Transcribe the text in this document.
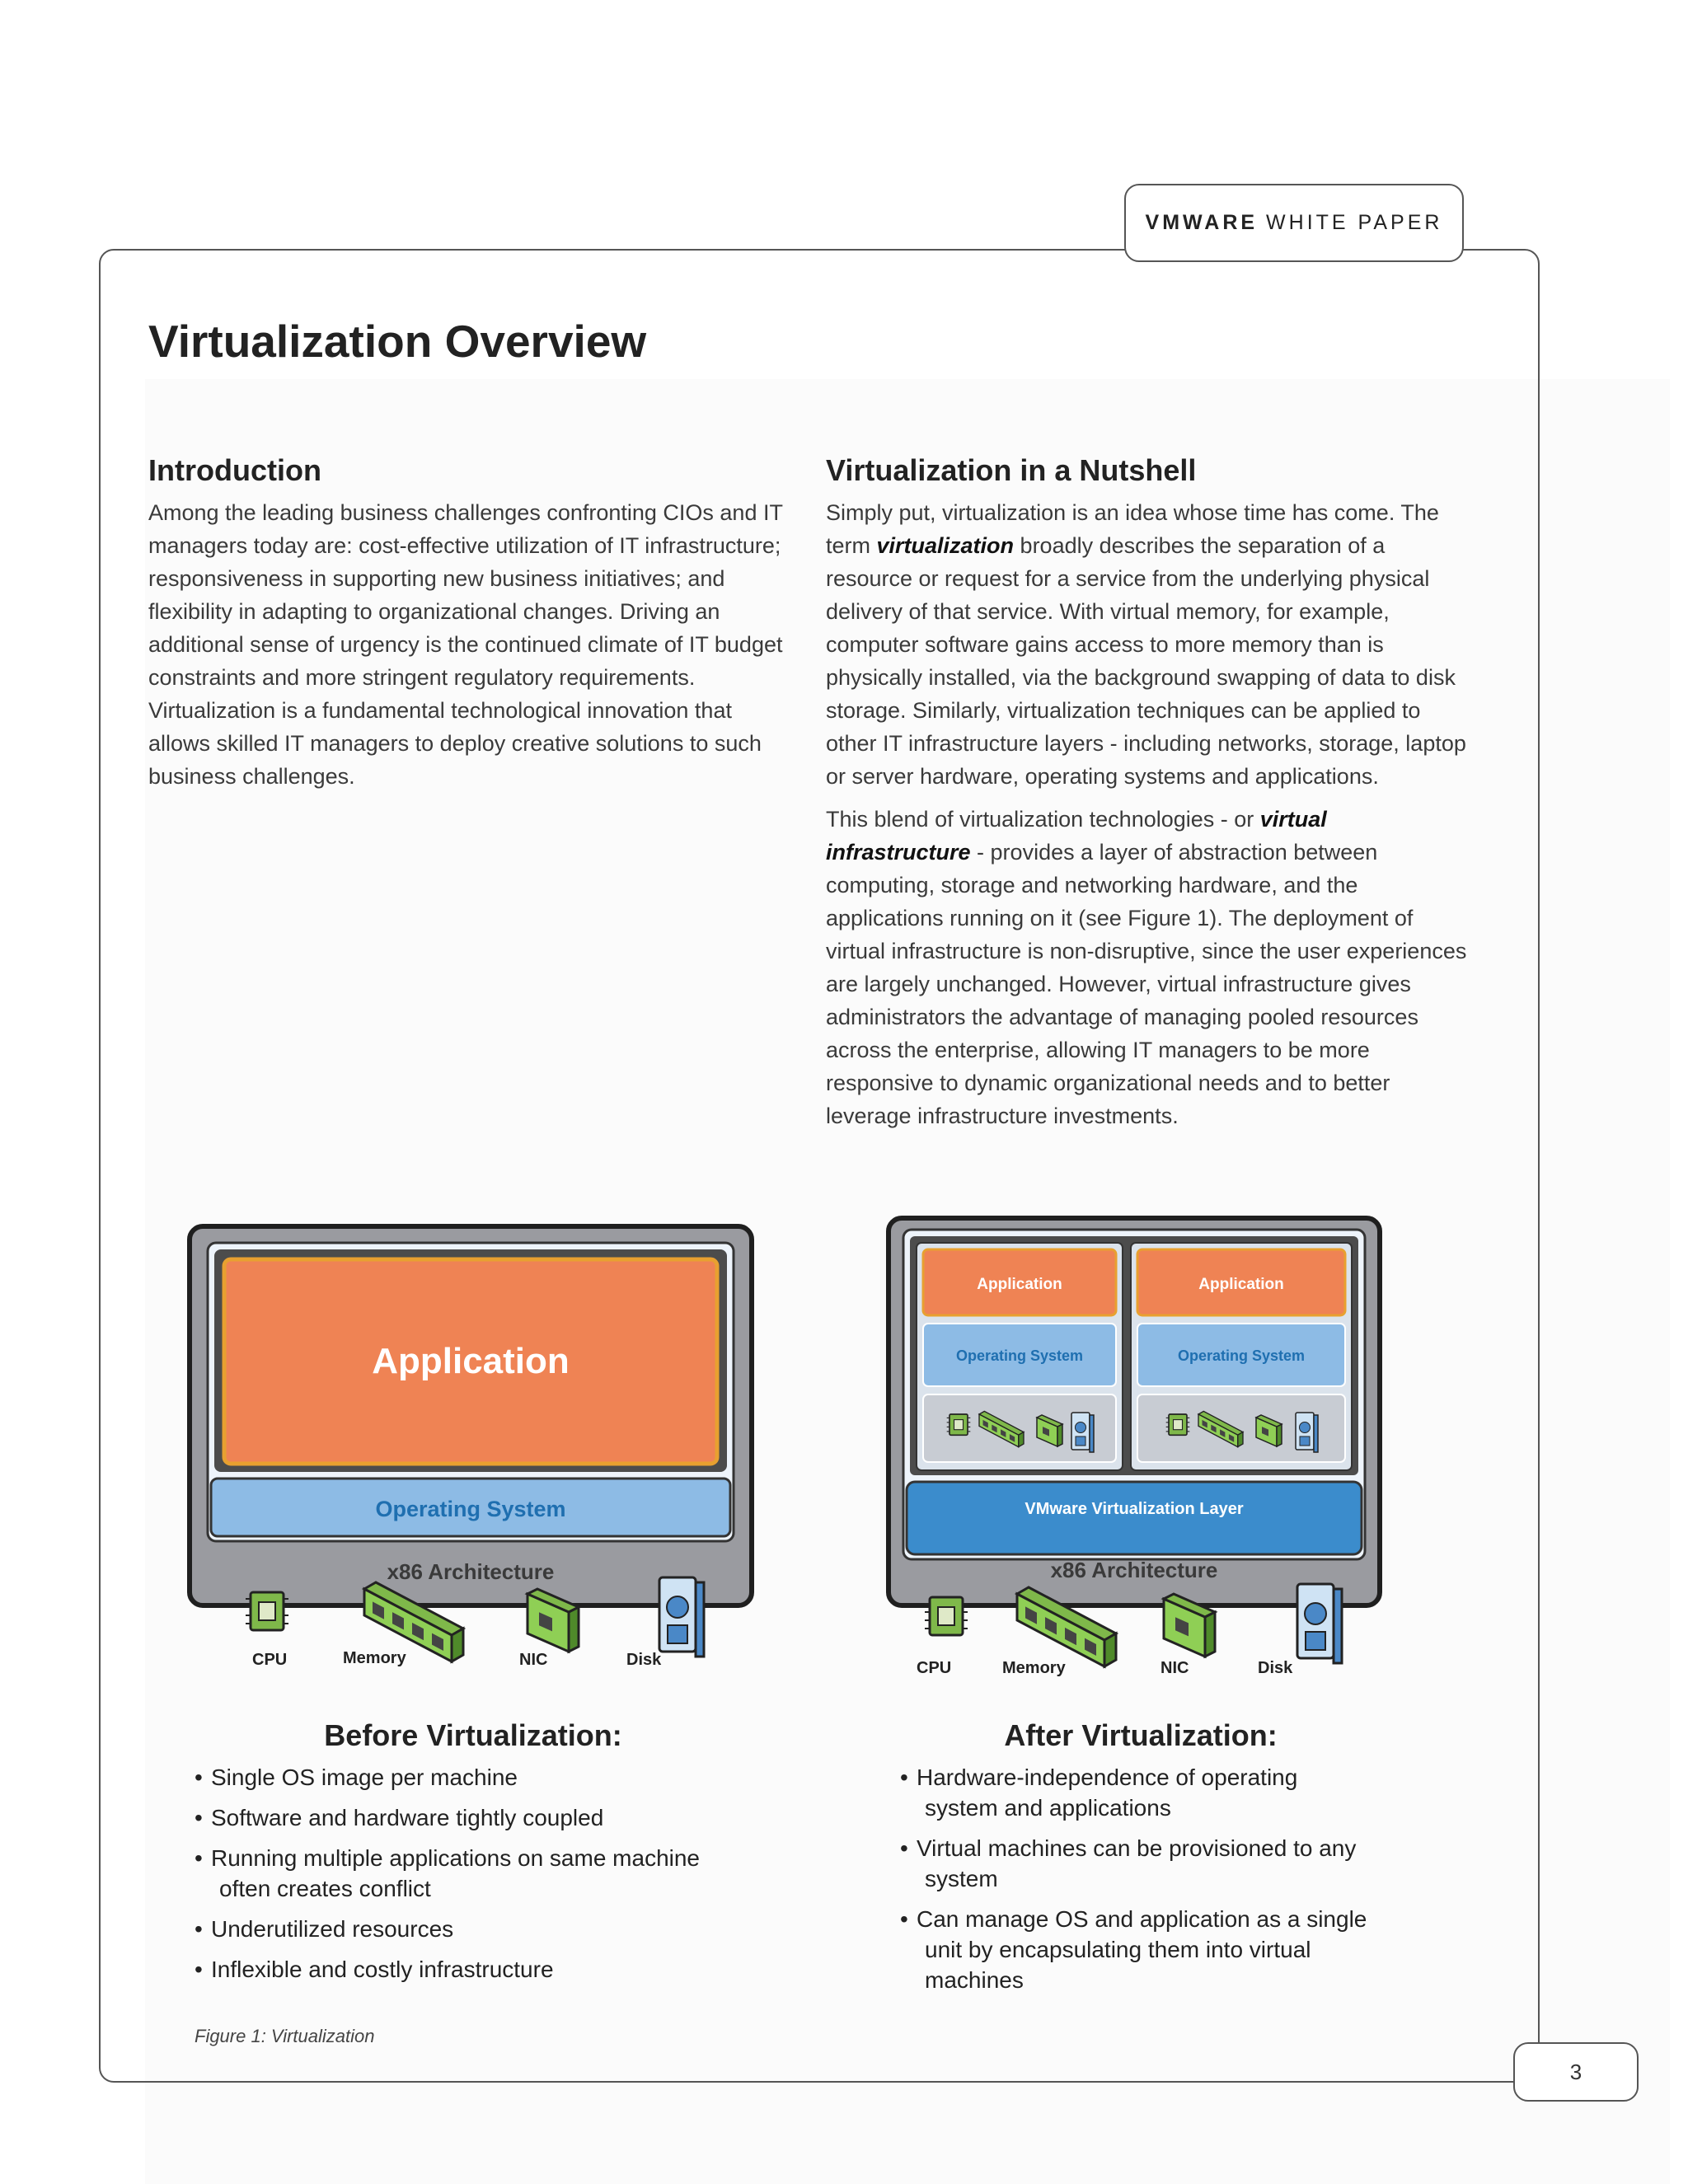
VMWARE WHITE PAPER
Virtualization Overview
Introduction

Among the leading business challenges confronting CIOs and IT managers today are: cost-effective utilization of IT infrastructure; responsiveness in supporting new business initiatives; and flexibility in adapting to organizational changes. Driving an additional sense of urgency is the continued climate of IT budget constraints and more stringent regulatory requirements. Virtualization is a fundamental technological innovation that allows skilled IT managers to deploy creative solutions to such business challenges.

Virtualization in a Nutshell

Simply put, virtualization is an idea whose time has come. The term virtualization broadly describes the separation of a resource or request for a service from the underlying physical delivery of that service. With virtual memory, for example, computer software gains access to more memory than is physically installed, via the background swapping of data to disk storage. Similarly, virtualization techniques can be applied to other IT infrastructure layers - including networks, storage, laptop or server hardware, operating systems and applications.

This blend of virtualization technologies - or virtual infrastructure - provides a layer of abstraction between computing, storage and networking hardware, and the applications running on it (see Figure 1). The deployment of virtual infrastructure is non-disruptive, since the user experiences are largely unchanged. However, virtual infrastructure gives administrators the advantage of managing pooled resources across the enterprise, allowing IT managers to be more responsive to dynamic organizational needs and to better leverage infrastructure investments.

Application
Operating System
x86 Architecture
CPU	Memory	NIC	Disk
Application
Operating System
Application
Operating System
VMware Virtualization Layer
x86 Architecture
CPU	Memory	NIC	Disk
Before Virtualization:
• Single OS image per machine
• Software and hardware tightly coupled
• Running multiple applications on same machine
often creates conflict
• Underutilized resources
• Inflexible and costly infrastructure
After Virtualization:
• Hardware-independence of operating
system and applications
• Virtual machines can be provisioned to any
system
• Can manage OS and application as a single
unit by encapsulating them into virtual
machines
Figure 1: Virtualization
3
